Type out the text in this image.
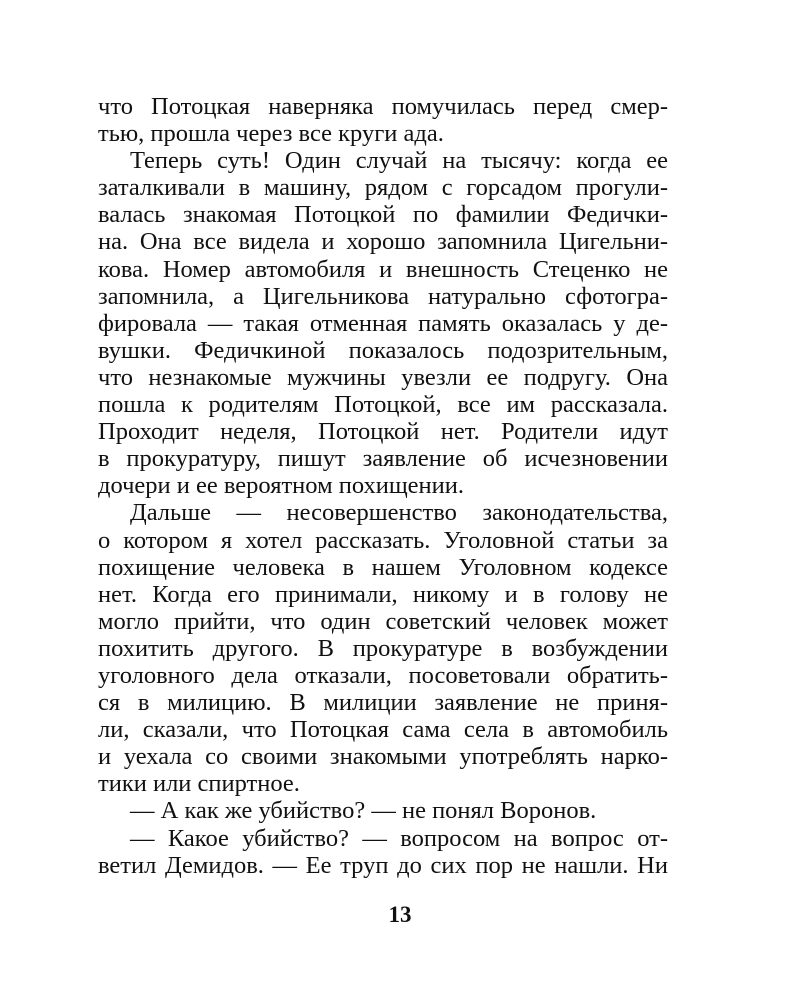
что Потоцкая наверняка помучилась перед смер-
тью, прошла через все круги ада.
Теперь суть! Один случай на тысячу: когда ее
заталкивали в машину, рядом с горсадом прогули-
валась знакомая Потоцкой по фамилии Федички-
на. Она все видела и хорошо запомнила Цигельни-
кова. Номер автомобиля и внешность Стеценко не
запомнила, а Цигельникова натурально сфотогра-
фировала — такая отменная память оказалась у де-
вушки. Федичкиной показалось подозрительным,
что незнакомые мужчины увезли ее подругу. Она
пошла к родителям Потоцкой, все им рассказала.
Проходит неделя, Потоцкой нет. Родители идут
в прокуратуру, пишут заявление об исчезновении
дочери и ее вероятном похищении.
Дальше — несовершенство законодательства,
о котором я хотел рассказать. Уголовной статьи за
похищение человека в нашем Уголовном кодексе
нет. Когда его принимали, никому и в голову не
могло прийти, что один советский человек может
похитить другого. В прокуратуре в возбуждении
уголовного дела отказали, посоветовали обратить-
ся в милицию. В милиции заявление не приня-
ли, сказали, что Потоцкая сама села в автомобиль
и уехала со своими знакомыми употреблять нарко-
тики или спиртное.
— А как же убийство? — не понял Воронов.
— Какое убийство? — вопросом на вопрос от-
ветил Демидов. — Ее труп до сих пор не нашли. Ни
13
